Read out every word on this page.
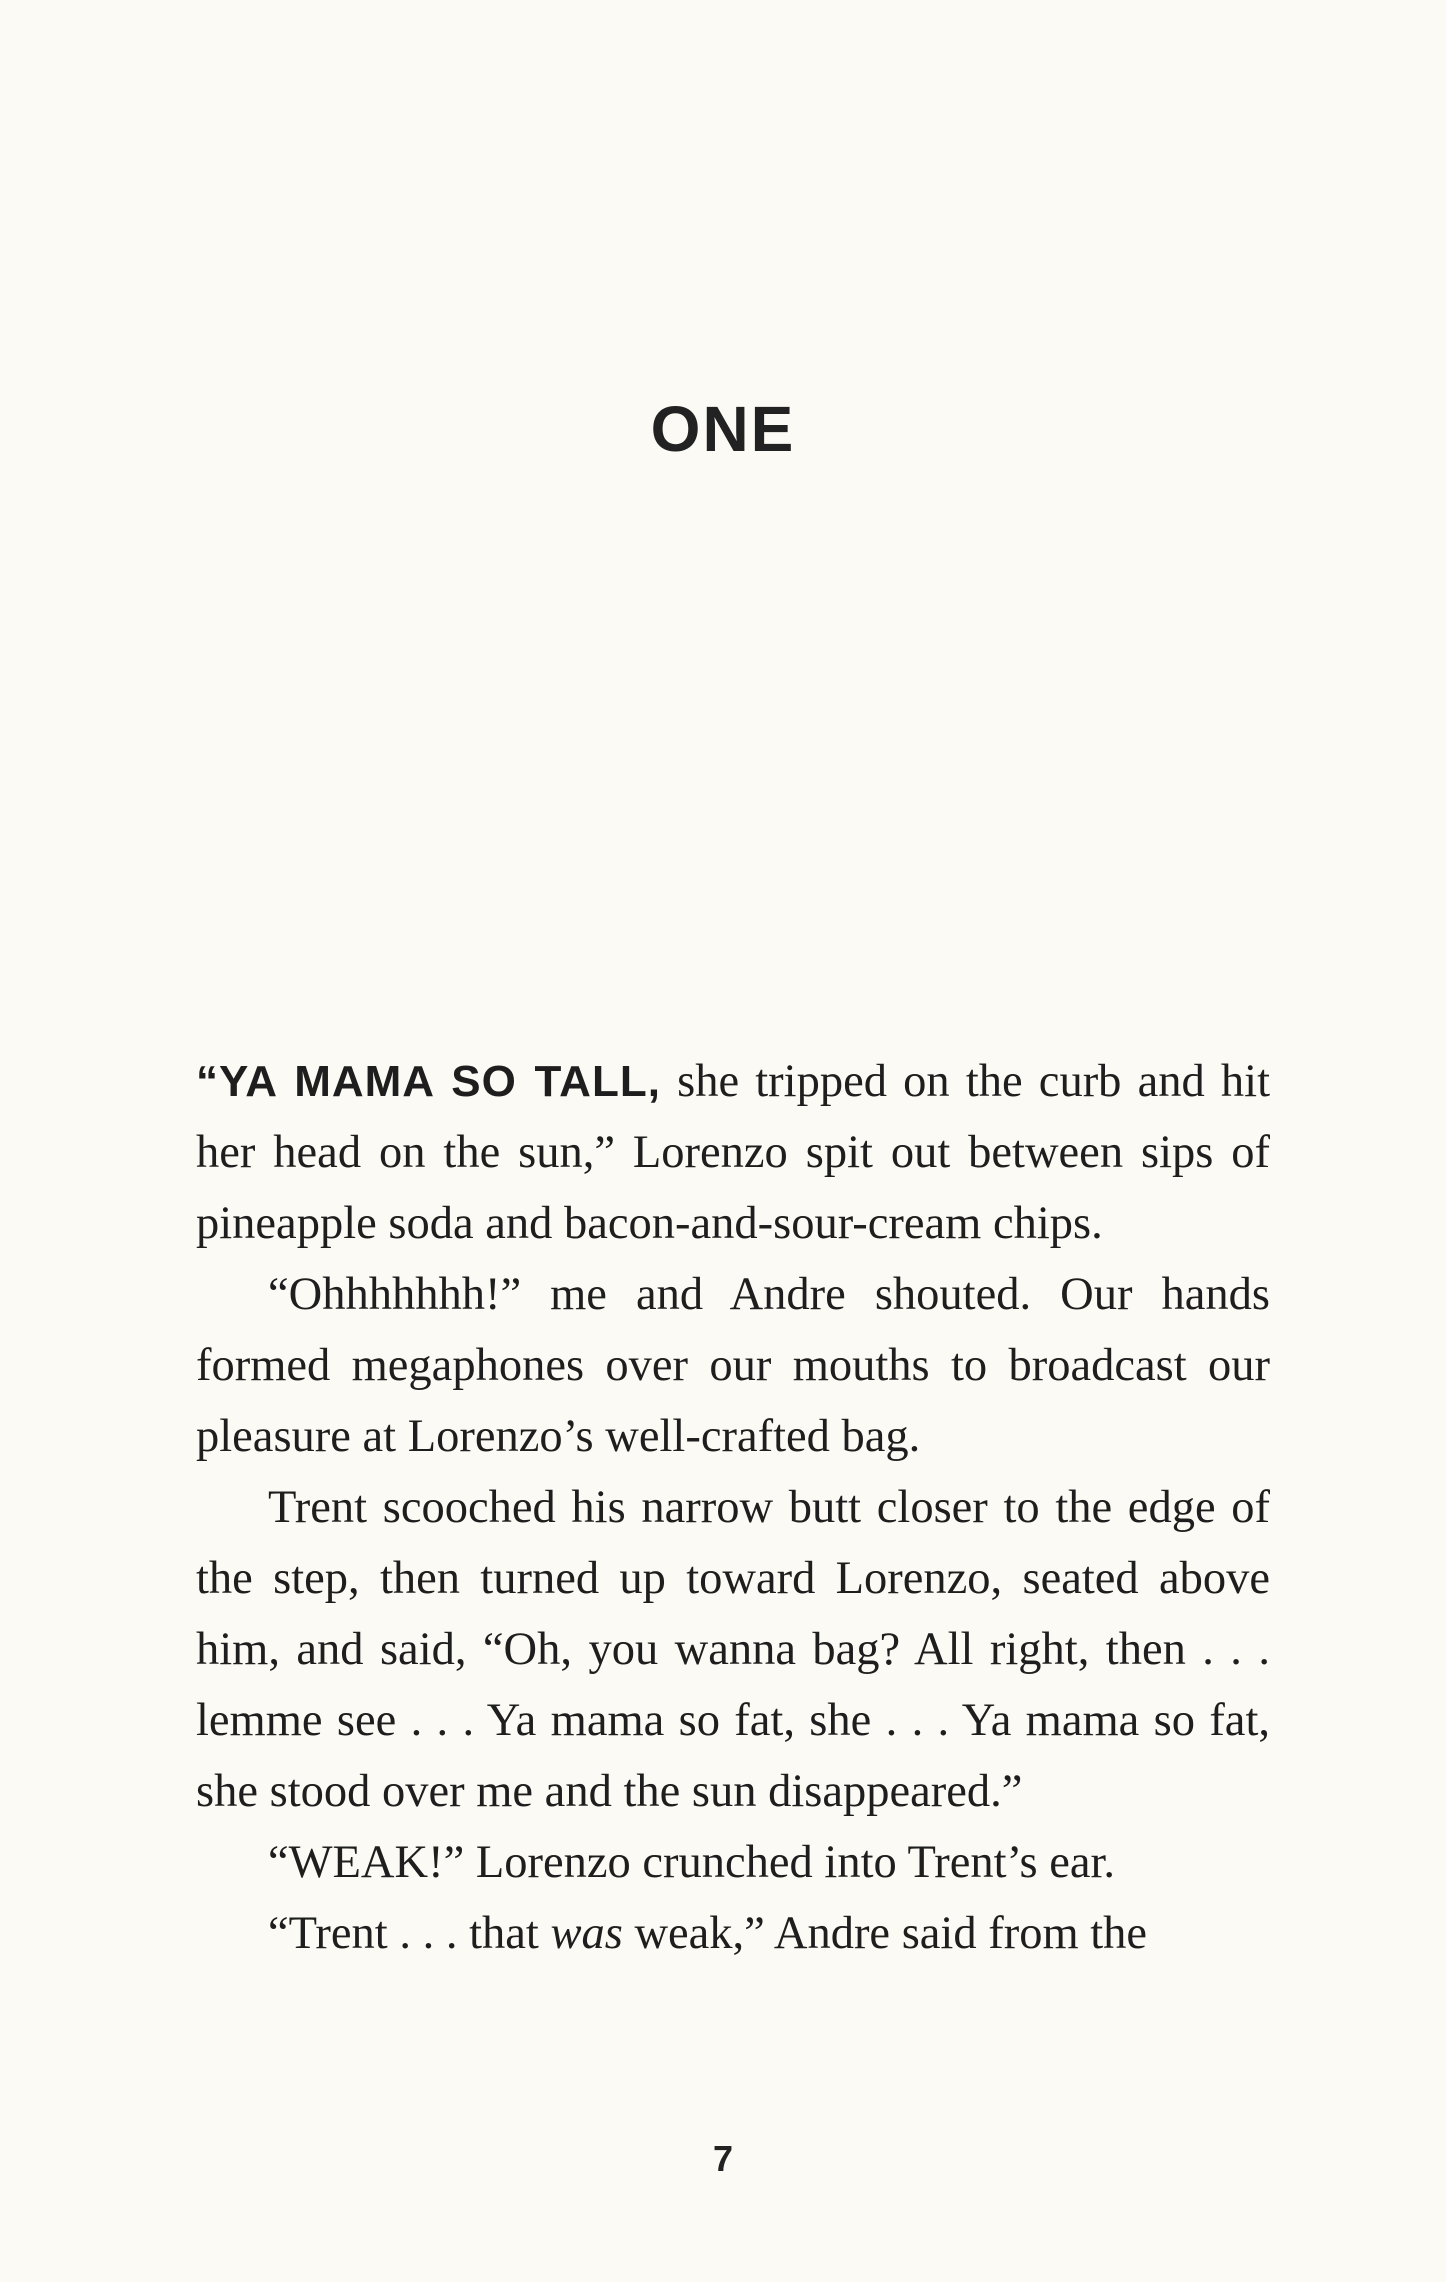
ONE

“YA MAMA SO TALL, she tripped on the curb and hit her head on the sun,” Lorenzo spit out between sips of pineapple soda and bacon-and-sour-cream chips.

“Ohhhhhhh!” me and Andre shouted. Our hands formed megaphones over our mouths to broadcast our pleasure at Lorenzo’s well-crafted bag.

Trent scooched his narrow butt closer to the edge of the step, then turned up toward Lorenzo, seated above him, and said, “Oh, you wanna bag? All right, then . . . lemme see . . . Ya mama so fat, she . . . Ya mama so fat, she stood over me and the sun disappeared.”

“WEAK!” Lorenzo crunched into Trent’s ear.

“Trent . . . that was weak,” Andre said from the

7
